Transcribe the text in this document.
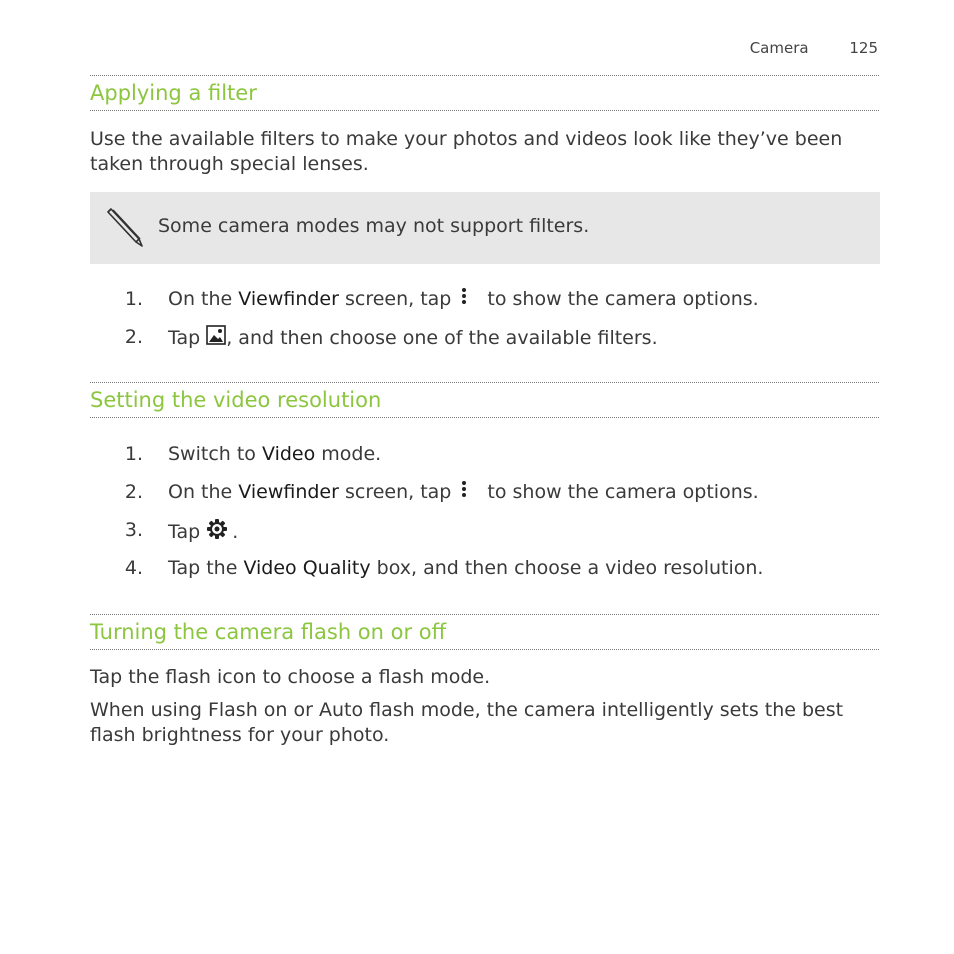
Camera	125
Applying a filter
Use the available filters to make your photos and videos look like they’ve been taken through special lenses.
Some camera modes may not support filters.
1. On the Viewfinder screen, tap to show the camera options.
2. Tap , and then choose one of the available filters.
Setting the video resolution
1. Switch to Video mode.
2. On the Viewfinder screen, tap to show the camera options.
3. Tap .
4. Tap the Video Quality box, and then choose a video resolution.
Turning the camera flash on or off
Tap the flash icon to choose a flash mode.
When using Flash on or Auto flash mode, the camera intelligently sets the best flash brightness for your photo.
